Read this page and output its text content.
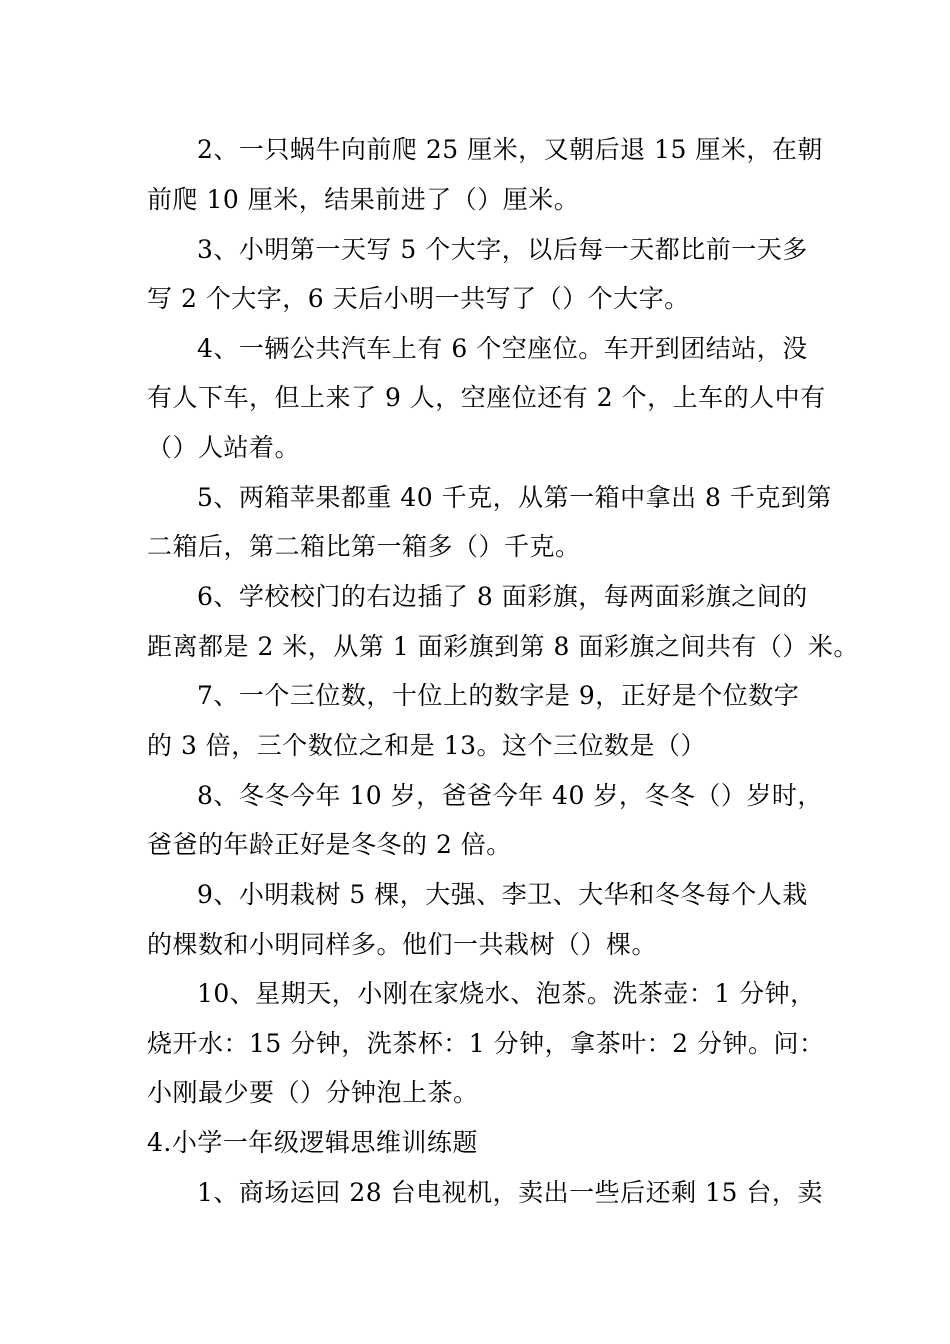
2、一只蜗牛向前爬 25 厘米，又朝后退 15 厘米，在朝
前爬 10 厘米，结果前进了（）厘米。
3、小明第一天写 5 个大字，以后每一天都比前一天多
写 2 个大字，6 天后小明一共写了（）个大字。
4、一辆公共汽车上有 6 个空座位。车开到团结站，没
有人下车，但上来了 9 人，空座位还有 2 个，上车的人中有
（）人站着。
5、两箱苹果都重 40 千克，从第一箱中拿出 8 千克到第
二箱后，第二箱比第一箱多（）千克。
6、学校校门的右边插了 8 面彩旗，每两面彩旗之间的
距离都是 2 米，从第 1 面彩旗到第 8 面彩旗之间共有（）米。
7、一个三位数，十位上的数字是 9，正好是个位数字
的 3 倍，三个数位之和是 13。这个三位数是（）
8、冬冬今年 10 岁，爸爸今年 40 岁，冬冬（）岁时，
爸爸的年龄正好是冬冬的 2 倍。
9、小明栽树 5 棵，大强、李卫、大华和冬冬每个人栽
的棵数和小明同样多。他们一共栽树（）棵。
10、星期天，小刚在家烧水、泡茶。洗茶壶：1 分钟，
烧开水：15 分钟，洗茶杯：1 分钟，拿茶叶：2 分钟。问：
小刚最少要（）分钟泡上茶。
4.小学一年级逻辑思维训练题
1、商场运回 28 台电视机，卖出一些后还剩 15 台，卖
